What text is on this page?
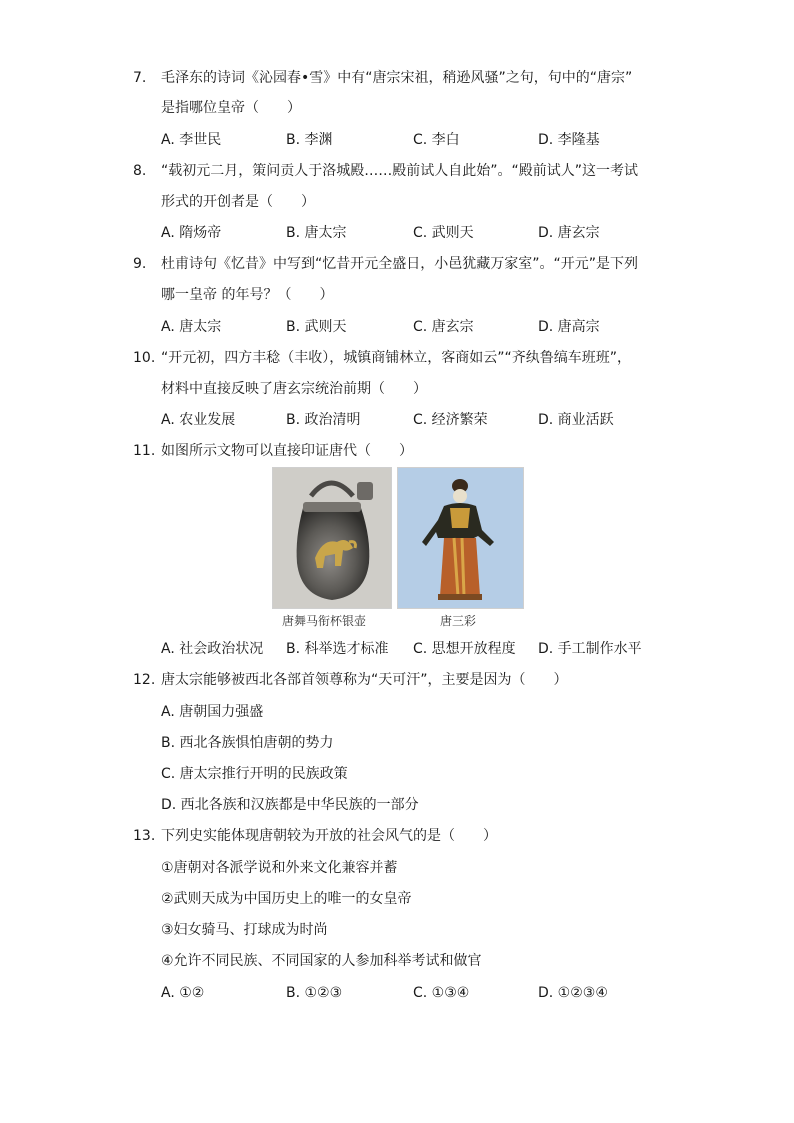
7. 毛泽东的诗词《沁园春•雪》中有“唐宗宋祖，稍逊风骚”之句，句中的“唐宗”
是指哪位皇帝（　　）
A. 李世民	B. 李渊	C. 李白	D. 李隆基
8. “载初元二月，策问贡人于洛城殿……殿前试人自此始”。“殿前试人”这一考试
形式的开创者是（　　）
A. 隋炀帝	B. 唐太宗	C. 武则天	D. 唐玄宗
9. 杜甫诗句《忆昔》中写到“忆昔开元全盛日，小邑犹藏万家室”。“开元”是下列
哪一皇帝 的年号？（　　）
A. 唐太宗	B. 武则天	C. 唐玄宗	D. 唐高宗
10. “开元初，四方丰稔（丰收），城镇商铺林立，客商如云”“齐纨鲁缟车班班”，
材料中直接反映了唐玄宗统治前期（　　）
A. 农业发展	B. 政治清明	C. 经济繁荣	D. 商业活跃
11. 如图所示文物可以直接印证唐代（　　）
唐舞马衔杯银壶	唐三彩
A. 社会政治状况 B. 科举选才标准 C. 思想开放程度 D. 手工制作水平
12. 唐太宗能够被西北各部首领尊称为“天可汗”，主要是因为（　　）
A. 唐朝国力强盛
B. 西北各族惧怕唐朝的势力
C. 唐太宗推行开明的民族政策
D. 西北各族和汉族都是中华民族的一部分
13. 下列史实能体现唐朝较为开放的社会风气的是（　　）
①唐朝对各派学说和外来文化兼容并蓄
②武则天成为中国历史上的唯一的女皇帝
③妇女骑马、打球成为时尚
④允许不同民族、不同国家的人参加科举考试和做官
A. ①②	B. ①②③	C. ①③④	D. ①②③④
